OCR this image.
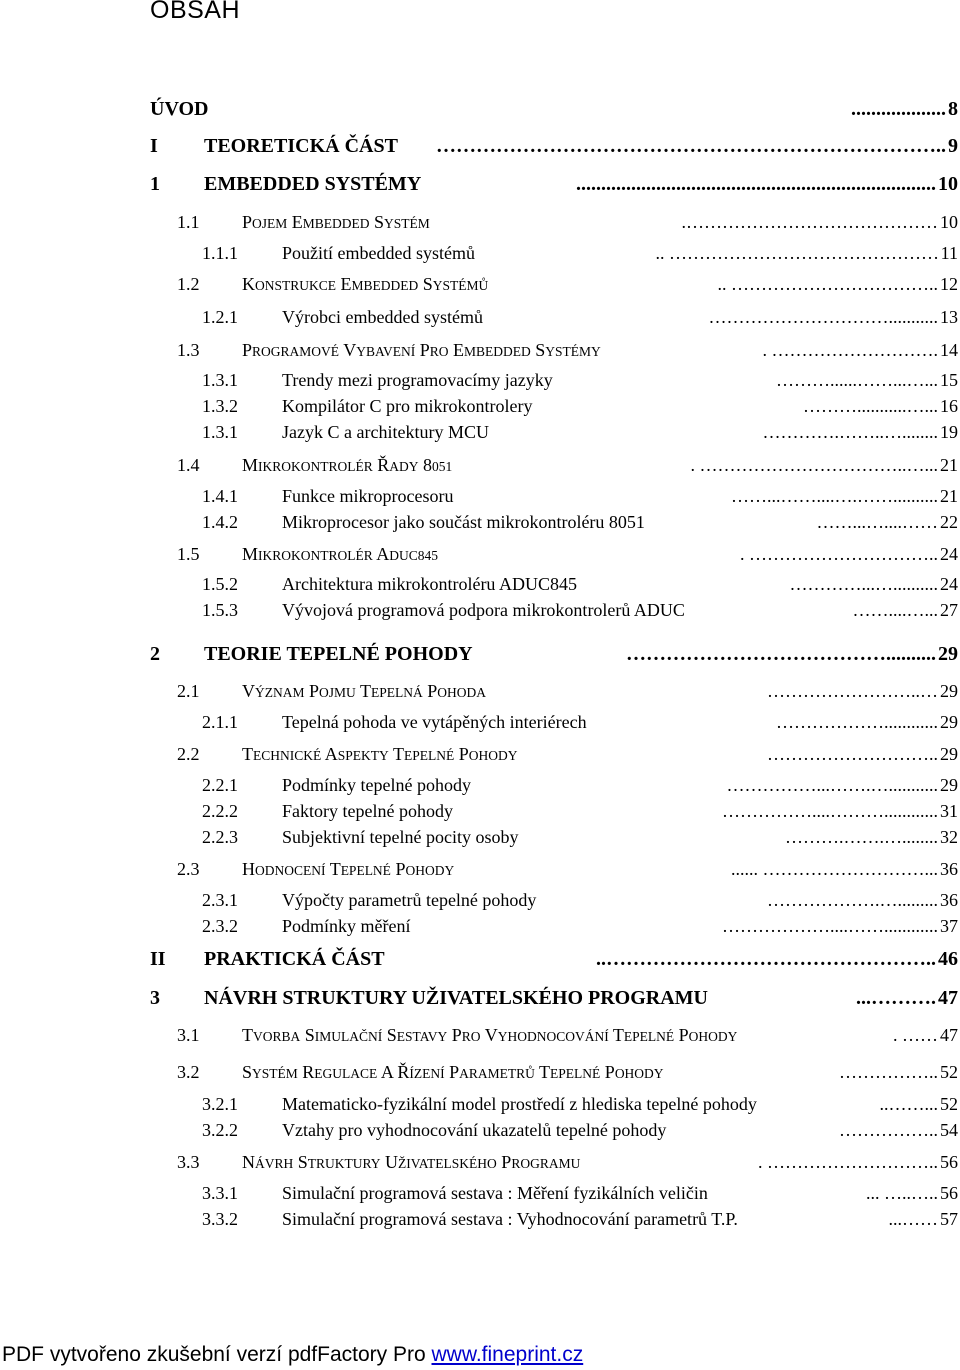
OBSAH
ÚVOD	8
...................
I TEORETICKÁ ČÁST	9
…………………………………………………………………..
1 EMBEDDED SYSTÉMY	10
........................................................................
1.1 POJEM EMBEDDED SYSTÉM	10
.……………………………………
1.1.1 Použití embedded systémů	11
.. ………………………………………
1.2 KONSTRUKCE EMBEDDED SYSTÉMŮ	12
.. ……………………………..
1.2.1 Výrobci embedded systémů	13
…………………………...........
1.3 PROGRAMOVÉ VYBAVENÍ PRO EMBEDDED SYSTÉMY	14
. ……………………….
1.3.1 Trendy mezi programovacímy jazyky	15
………......……...…...
1.3.2 Kompilátor C pro mikrokontrolery	16
………...........…...
1.3.1 Jazyk C a architektury MCU	19
………….……..…........
1.4 MIKROKONTROLÉR ŘADY 8051	21
. ……………………………..…...
1.4.1 Funkce mikroprocesoru	21
……...……....….……..........
1.4.2 Mikroprocesor jako součást mikrokontroléru 8051	22
……...…....……
1.5 MIKROKONTROLÉR ADUC845	24
. …………………………..
1.5.2 Architektura mikrokontroléru ADUC845	24
…………...…..........
1.5.3 Vývojová programová podpora mikrokontrolerů ADUC	27
……....…...
2 TEORIE TEPELNÉ POHODY	29
…………………………………..........
2.1 VÝZNAM POJMU TEPELNÁ POHODA	29
……………………..…
2.1.1 Tepelná pohoda ve vytápěných interiérech	29
………………............
2.2 TECHNICKÉ ASPEKTY TEPELNÉ POHODY	29
………………………..
2.2.1 Podmínky tepelné pohody	29
……………...…….…...........
2.2.2 Faktory tepelné pohody	31
……………....………............
2.2.3 Subjektivní tepelné pocity osoby	32
……….…….…........
2.3 HODNOCENÍ TEPELNÉ POHODY	36
...... ………………………...
2.3.1 Výpočty parametrů tepelné pohody	36
……………….….........
2.3.2 Podmínky měření	37
………………....……............
II PRAKTICKÁ ČÁST	46
..…………………………………………..
3 NÁVRH STRUKTURY UŽIVATELSKÉHO PROGRAMU	47
...……….
3.1 TVORBA SIMULAČNÍ SESTAVY PRO VYHODNOCOVÁNÍ TEPELNÉ POHODY	47
. ……
3.2 SYSTÉM REGULACE A ŘÍZENÍ PARAMETRŮ TEPELNÉ POHODY	52
……………..
3.2.1 Matematicko-fyzikální model prostředí z hlediska tepelné pohody	52
..……...
3.2.2 Vztahy pro vyhodnocování ukazatelů tepelné pohody	54
……………..
3.3 NÁVRH STRUKTURY UŽIVATELSKÉHO PROGRAMU	56
. ………………………..
3.3.1 Simulační programová sestava : Měření fyzikálních veličin	56
... …..…..
3.3.2 Simulační programová sestava : Vyhodnocování parametrů T.P.	57
...……
PDF vytvořeno zkušební verzí pdfFactory Pro www.fineprint.cz
